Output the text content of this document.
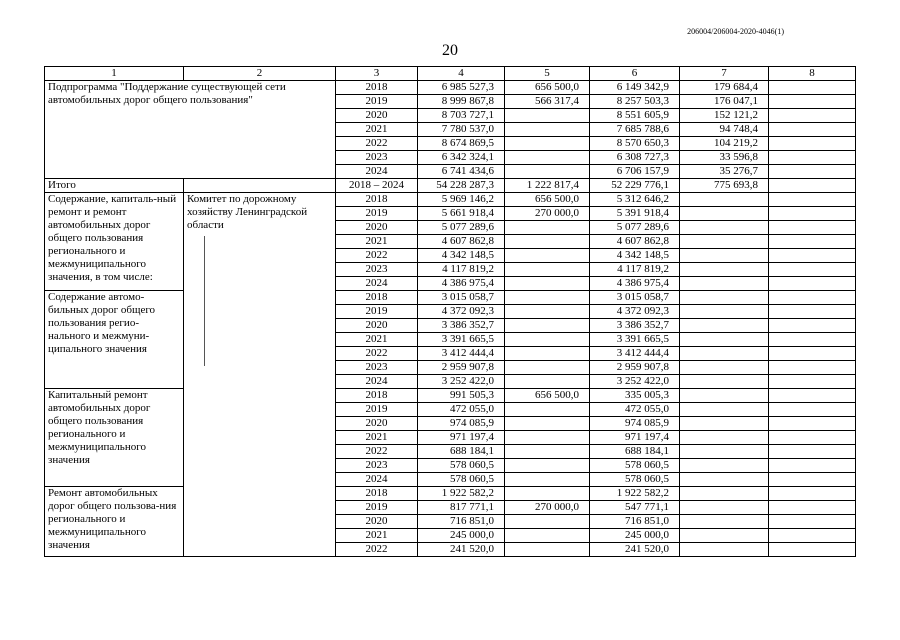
206004/206004-2020-4046(1)
20
1	2	3	4	5	6	7	8
Подпрограмма "Поддержание существующей сети автомобильных дорог общего пользования"		2018	6 985 527,3	656 500,0	6 149 342,9	179 684,4	
		2019	8 999 867,8	566 317,4	8 257 503,3	176 047,1	
		2020	8 703 727,1		8 551 605,9	152 121,2	
		2021	7 780 537,0		7 685 788,6	94 748,4	
		2022	8 674 869,5		8 570 650,3	104 219,2	
		2023	6 342 324,1		6 308 727,3	33 596,8	
		2024	6 741 434,6		6 706 157,9	35 276,7	
Итого		2018 – 2024	54 228 287,3	1 222 817,4	52 229 776,1	775 693,8	
Содержание, капиталь-ный ремонт и ремонт автомобильных дорог общего пользования регионального и межмуниципального значения, в том числе:	Комитет по дорожному хозяйству Ленинградской области	2018	5 969 146,2	656 500,0	5 312 646,2		
		2019	5 661 918,4	270 000,0	5 391 918,4		
		2020	5 077 289,6		5 077 289,6		
		2021	4 607 862,8		4 607 862,8		
		2022	4 342 148,5		4 342 148,5		
		2023	4 117 819,2		4 117 819,2		
		2024	4 386 975,4		4 386 975,4		
Содержание автомо-бильных дорог общего пользования регио-нального и межмуни-ципального значения		2018	3 015 058,7		3 015 058,7		
		2019	4 372 092,3		4 372 092,3		
		2020	3 386 352,7		3 386 352,7		
		2021	3 391 665,5		3 391 665,5		
		2022	3 412 444,4		3 412 444,4		
		2023	2 959 907,8		2 959 907,8		
		2024	3 252 422,0		3 252 422,0		
Капитальный ремонт автомобильных дорог общего пользования регионального и межмуниципального значения		2018	991 505,3	656 500,0	335 005,3		
		2019	472 055,0		472 055,0		
		2020	974 085,9		974 085,9		
		2021	971 197,4		971 197,4		
		2022	688 184,1		688 184,1		
		2023	578 060,5		578 060,5		
		2024	578 060,5		578 060,5		
Ремонт автомобильных дорог общего пользова-ния регионального и межмуниципального значения		2018	1 922 582,2		1 922 582,2		
		2019	817 771,1	270 000,0	547 771,1		
		2020	716 851,0		716 851,0		
		2021	245 000,0		245 000,0		
		2022	241 520,0		241 520,0		
